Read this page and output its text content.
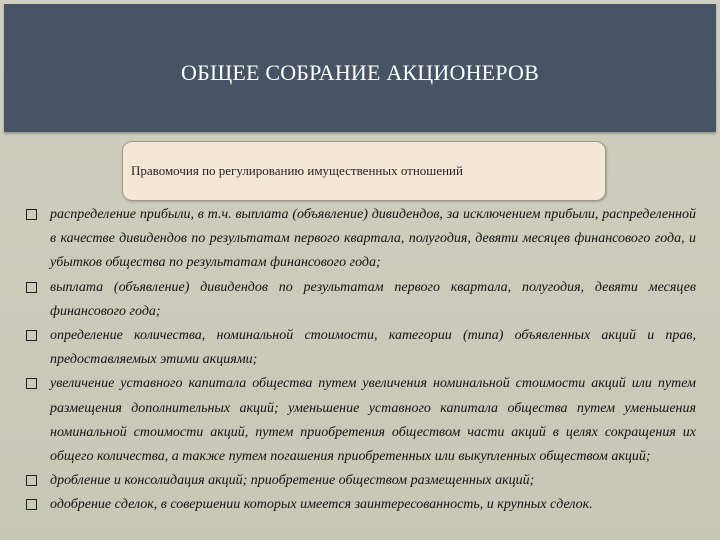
ОБЩЕЕ СОБРАНИЕ АКЦИОНЕРОВ
Правомочия по регулированию имущественных отношений
распределение прибыли, в т.ч. выплата (объявление) дивидендов, за исключением прибыли, распределенной в качестве дивидендов по результатам первого квартала, полугодия, девяти месяцев финансового года, и убытков общества по результатам финансового года;
выплата (объявление) дивидендов по результатам первого квартала, полугодия, девяти месяцев финансового года;
определение количества, номинальной стоимости, категории (типа) объявленных акций и прав, предоставляемых этими акциями;
увеличение уставного капитала общества путем увеличения номинальной стоимости акций или путем размещения дополнительных акций; уменьшение уставного капитала общества путем уменьшения номинальной стоимости акций, путем приобретения обществом части акций в целях сокращения их общего количества, а также путем погашения приобретенных или выкупленных обществом акций;
дробление и консолидация акций; приобретение обществом размещенных акций;
одобрение сделок, в совершении которых имеется заинтересованность, и крупных сделок.
